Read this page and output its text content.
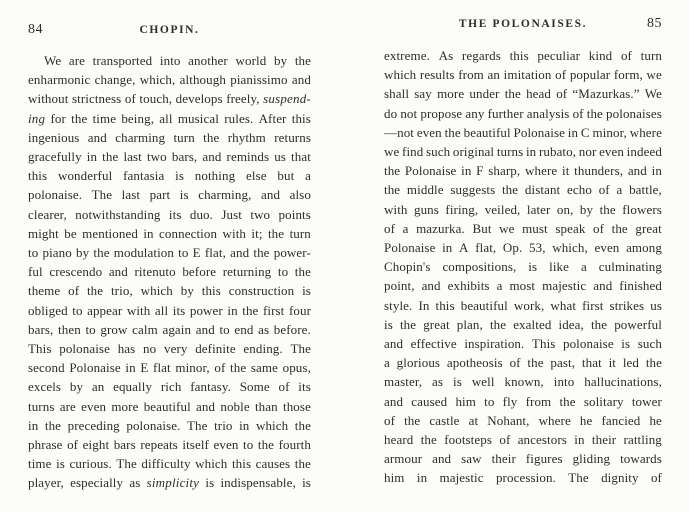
84	CHOPIN.
We are transported into another world by the
enharmonic change, which, although pianissimo and
without strictness of touch, develops freely, suspend-
ing for the time being, all musical rules. After this
ingenious and charming turn the rhythm returns
gracefully in the last two bars, and reminds us that
this wonderful fantasia is nothing else but a
polonaise. The last part is charming, and also
clearer, notwithstanding its duo. Just two points
might be mentioned in connection with it; the turn
to piano by the modulation to E flat, and the power-
ful crescendo and ritenuto before returning to the
theme of the trio, which by this construction is
obliged to appear with all its power in the first four
bars, then to grow calm again and to end as before.
This polonaise has no very definite ending. The
second Polonaise in E flat minor, of the same opus,
excels by an equally rich fantasy. Some of its
turns are even more beautiful and noble than those
in the preceding polonaise. The trio in which the
phrase of eight bars repeats itself even to the fourth
time is curious. The difficulty which this causes the
player, especially as simplicity is indispensable, is
THE POLONAISES.	85
extreme. As regards this peculiar kind of turn
which results from an imitation of popular form, we
shall say more under the head of “Mazurkas.” We
do not propose any further analysis of the polonaises
—not even the beautiful Polonaise in C minor, where
we find such original turns in rubato, nor even indeed
the Polonaise in F sharp, where it thunders, and in
the middle suggests the distant echo of a battle,
with guns firing, veiled, later on, by the flowers
of a mazurka. But we must speak of the great
Polonaise in A flat, Op. 53, which, even among
Chopin's compositions, is like a culminating
point, and exhibits a most majestic and finished
style. In this beautiful work, what first strikes us
is the great plan, the exalted idea, the powerful
and effective inspiration. This polonaise is such
a glorious apotheosis of the past, that it led the
master, as is well known, into hallucinations,
and caused him to fly from the solitary tower
of the castle at Nohant, where he fancied he
heard the footsteps of ancestors in their rattling
armour and saw their figures gliding towards
him in majestic procession. The dignity of
